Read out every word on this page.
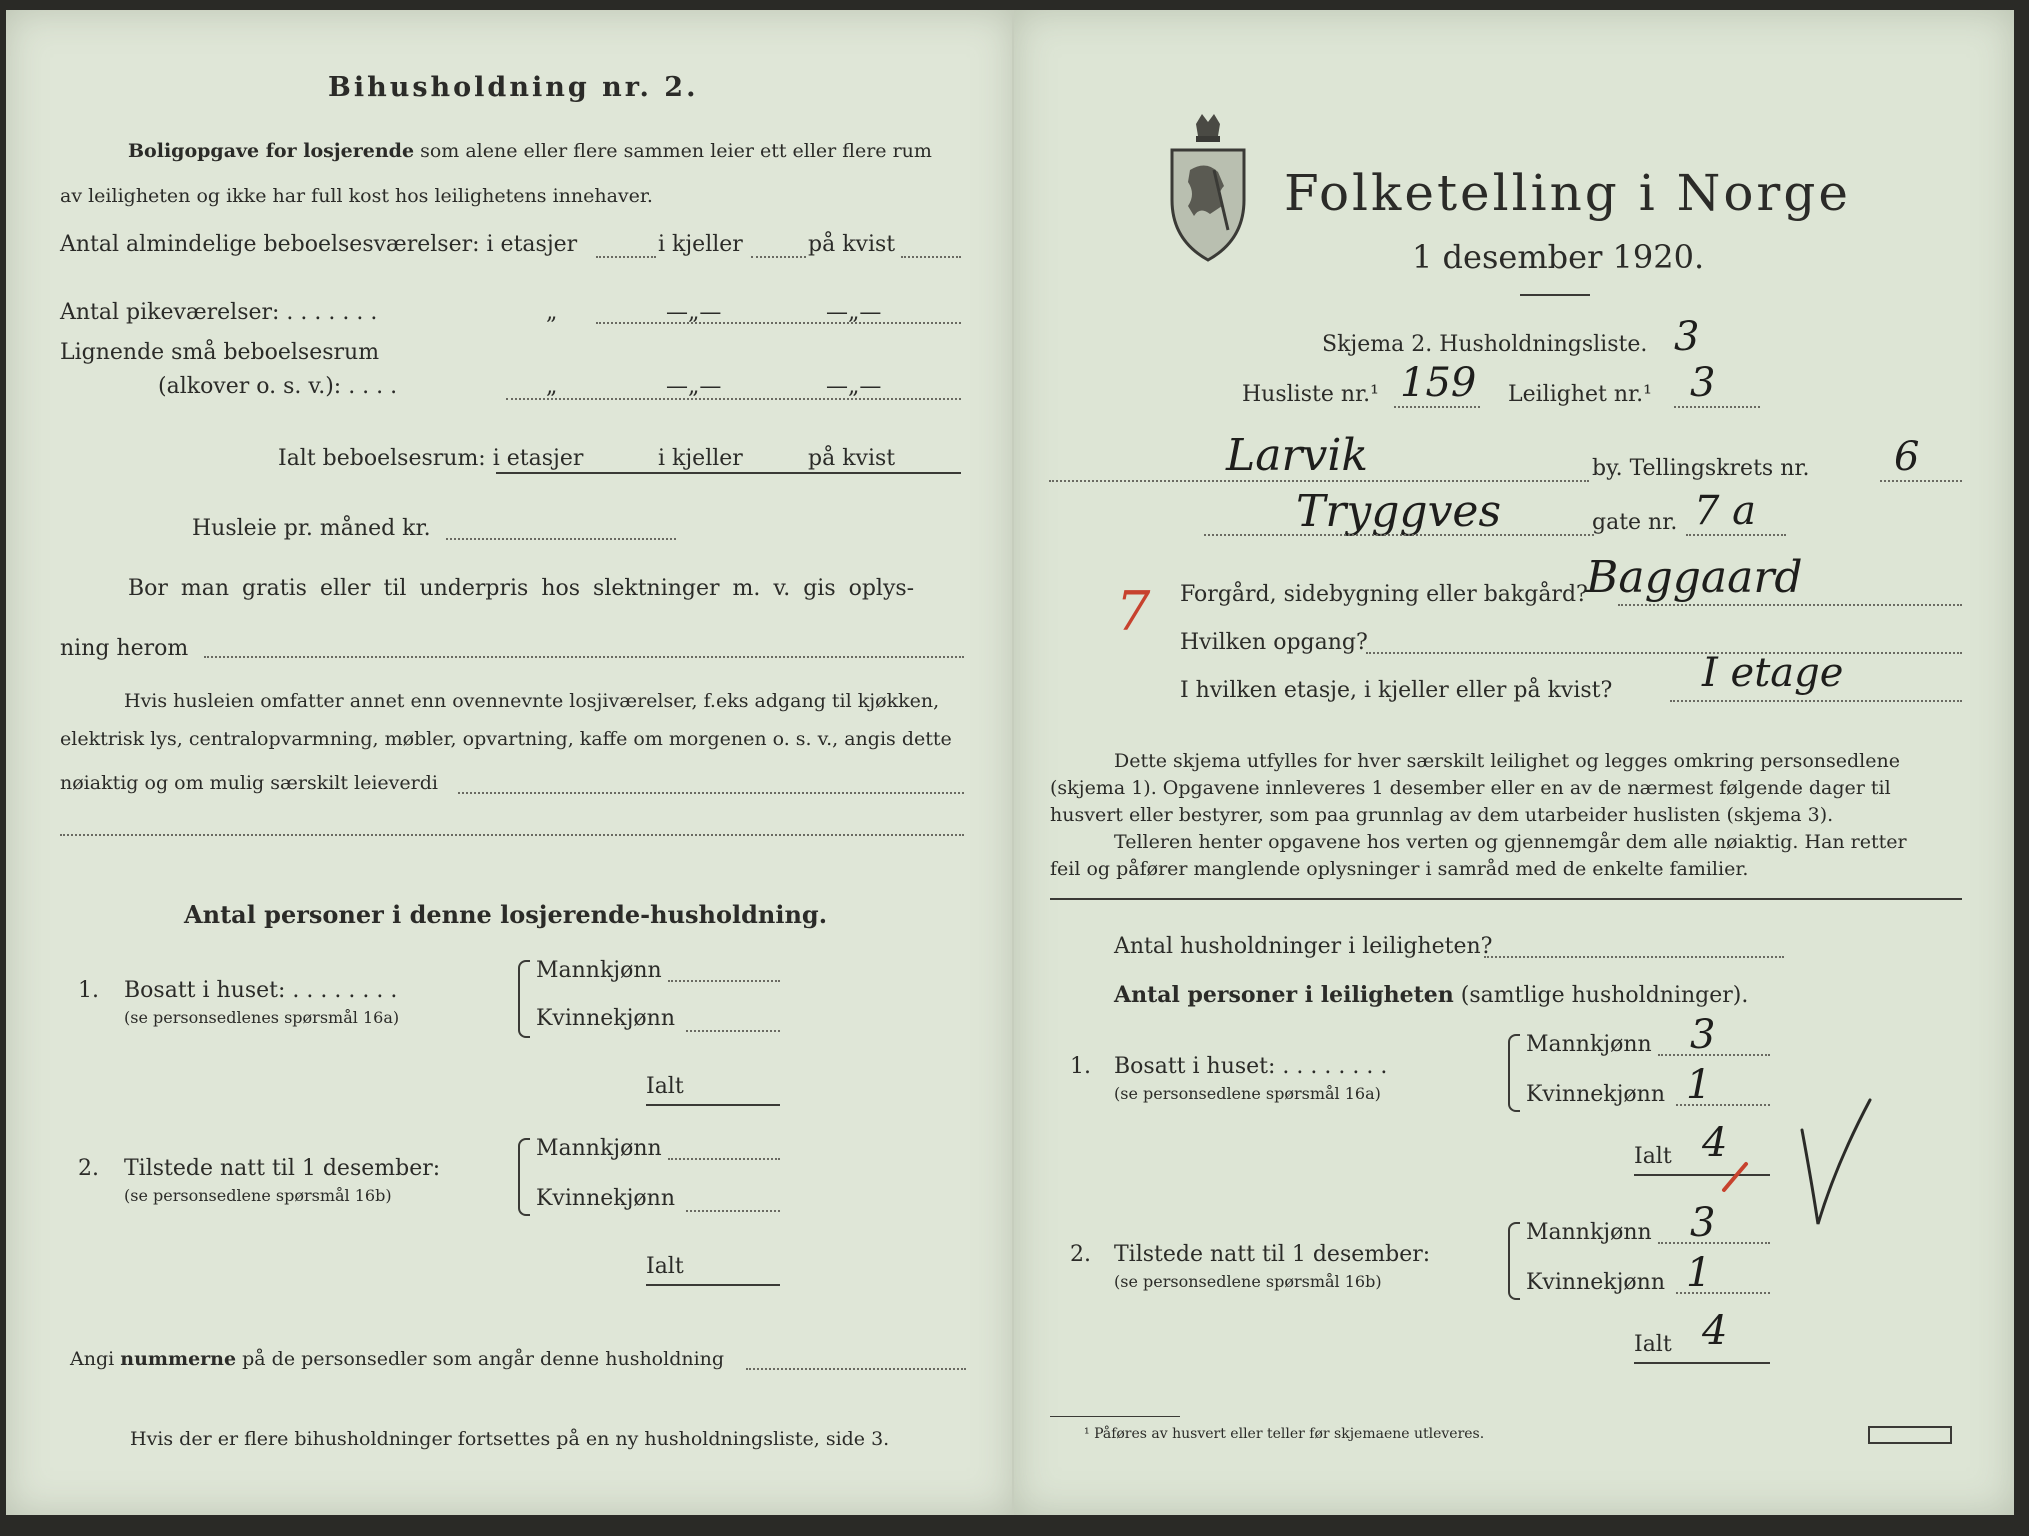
Bihusholdning nr. 2.
Boligopgave for losjerende som alene eller flere sammen leier ett eller flere rum
av leiligheten og ikke har full kost hos leilighetens innehaver.
Antal almindelige beboelsesværelser: i etasjer	i kjeller	på kvist
Antal pikeværelser: . . . . . . .	„	—„—	—„—
Lignende små beboelsesrum
(alkover o. s. v.): . . . .	„	—„—	—„—
Ialt beboelsesrum: i etasjer	i kjeller	på kvist
Husleie pr. måned kr.
Bor man gratis eller til underpris hos slektninger m. v. gis oplys-
ning herom
Hvis husleien omfatter annet enn ovennevnte losjiværelser, f.eks adgang til kjøkken,
elektrisk lys, centralopvarmning, møbler, opvartning, kaffe om morgenen o. s. v., angis dette
nøiaktig og om mulig særskilt leieverdi
Antal personer i denne losjerende-husholdning.
1. Bosatt i huset: . . . . . . . .
(se personsedlenes spørsmål 16a)
Mannkjønn
Kvinnekjønn
Ialt
2. Tilstede natt til 1 desember:
(se personsedlene spørsmål 16b)
Mannkjønn
Kvinnekjønn
Ialt
Angi nummerne på de personsedler som angår denne husholdning
Hvis der er flere bihusholdninger fortsettes på en ny husholdningsliste, side 3.
Folketelling i Norge
1 desember 1920.
Skjema 2. Husholdningsliste. 3
Husliste nr.¹ 159 Leilighet nr.¹ 3
Larvik	by. Tellingskrets nr. 6
Tryggves	gate nr. 7 a
7 Forgård, sidebygning eller bakgård?
Baggaard
Hvilken opgang?
I hvilken etasje, i kjeller eller på kvist? I etage
Dette skjema utfylles for hver særskilt leilighet og legges omkring personsedlene
(skjema 1). Opgavene innleveres 1 desember eller en av de nærmest følgende dager til
husvert eller bestyrer, som paa grunnlag av dem utarbeider huslisten (skjema 3).
Telleren henter opgavene hos verten og gjennemgår dem alle nøiaktig. Han retter
feil og påfører manglende oplysninger i samråd med de enkelte familier.
Antal husholdninger i leiligheten?
Antal personer i leiligheten (samtlige husholdninger).
1. Bosatt i huset: . . . . . . . .
(se personsedlene spørsmål 16a)
Mannkjønn 3
Kvinnekjønn 1
Ialt 4
2. Tilstede natt til 1 desember:
(se personsedlene spørsmål 16b)
Mannkjønn 3
Kvinnekjønn 1
Ialt 4
¹ Påføres av husvert eller teller før skjemaene utleveres.
